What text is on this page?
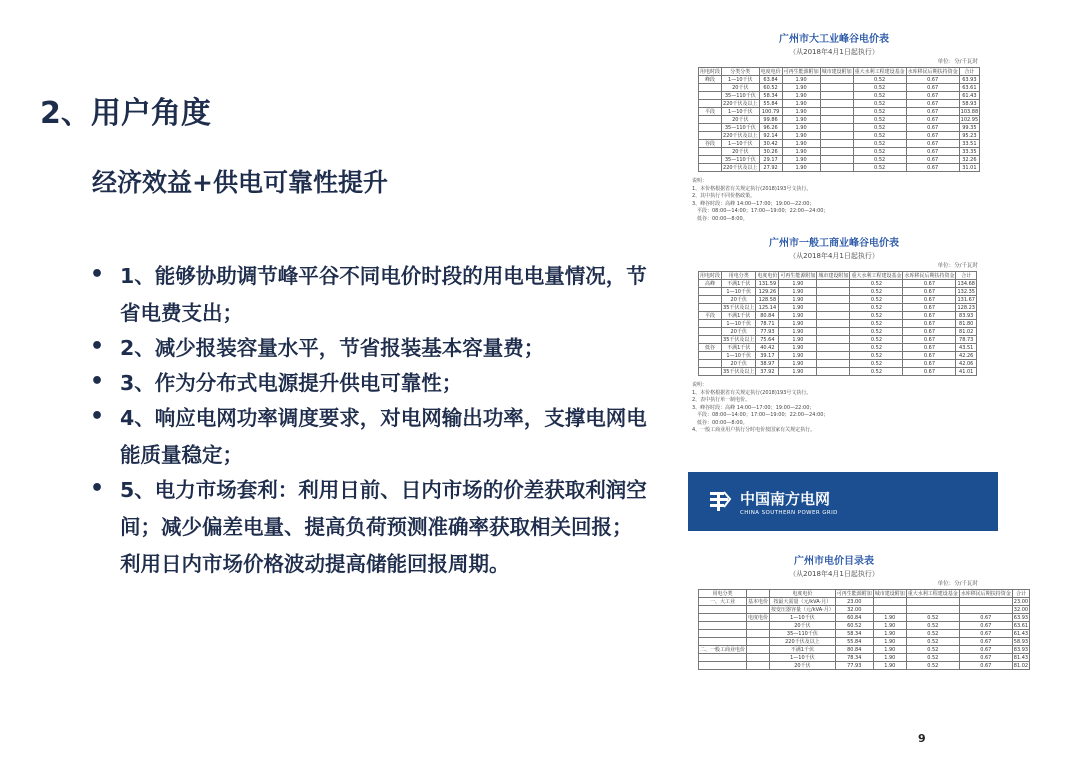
2、用户角度
经济效益+供电可靠性提升
• 1、能够协助调节峰平谷不同电价时段的用电电量情况，节省电费支出；
• 2、减少报装容量水平，节省报装基本容量费；
• 3、作为分布式电源提升供电可靠性；
• 4、响应电网功率调度要求，对电网输出功率，支撑电网电能质量稳定；
• 5、电力市场套利：利用日前、日内市场的价差获取利润空间；减少偏差电量、提高负荷预测准确率获取相关回报；利用日内市场价格波动提高储能回报周期。
广州市大工业峰谷电价表
（从2018年4月1日起执行）
单位：分/千瓦时
用电时段	分类分类	电度电价	可再生能源附加	城市建设附加	重大水利工程建设基金	水库移民后期扶持资金	合计
峰段	1—10千伏	63.84	1.90		0.52	0.67	63.93
	20千伏	60.52	1.90		0.52	0.67	63.61
	35—110千伏	58.34	1.90		0.52	0.67	61.43
	220千伏及以上	55.84	1.90		0.52	0.67	58.93
平段	1—10千伏	100.79	1.90		0.52	0.67	103.88
	20千伏	99.86	1.90		0.52	0.67	102.95
	35—110千伏	96.26	1.90		0.52	0.67	99.35
	220千伏及以上	92.14	1.90		0.52	0.67	95.23
谷段	1—10千伏	30.42	1.90		0.52	0.67	33.51
	20千伏	30.26	1.90		0.52	0.67	33.35
	35—110千伏	29.17	1.90		0.52	0.67	32.26
	220千伏及以上	27.92	1.90		0.52	0.67	31.01
说明：
1、本价格根据省有关规定执行(2018)193号文执行。
2、其中执行不同价格政策。
3、峰谷时段：高峰 14:00—17:00；19:00—22:00；
　平段：08:00—14:00；17:00—19:00；22:00—24:00；
　低谷：00:00—8:00。
广州市一般工商业峰谷电价表
（从2018年4月1日起执行）
单位：分/千瓦时
用电时段	用电分类	电度电价	可再生能源附加	城市建设附加	重大水利工程建设基金	水库移民后期扶持资金	合计
高峰	不满1千伏	131.59	1.90		0.52	0.67	134.68
	1—10千伏	129.26	1.90		0.52	0.67	132.35
	20千伏	128.58	1.90		0.52	0.67	131.67
	35千伏及以上	125.14	1.90		0.52	0.67	128.23
平段	不满1千伏	80.84	1.90		0.52	0.67	83.93
	1—10千伏	78.71	1.90		0.52	0.67	81.80
	20千伏	77.93	1.90		0.52	0.67	81.02
	35千伏及以上	75.64	1.90		0.52	0.67	78.73
低谷	不满1千伏	40.42	1.90		0.52	0.67	43.51
	1—10千伏	39.17	1.90		0.52	0.67	42.26
	20千伏	38.97	1.90		0.52	0.67	42.06
	35千伏及以上	37.92	1.90		0.52	0.67	41.01
说明：
1、本价格根据省有关规定执行(2018)193号文执行。
2、表中执行单一制电价。
3、峰谷时段：高峰 14:00—17:00；19:00—22:00；
　平段：08:00—14:00；17:00—19:00；22:00—24:00；
　低谷：00:00—8:00。
4、一般工商业用户执行分时电价按国家有关规定执行。
广州市电价目录表
（从2018年4月1日起执行）
单位：分/千瓦时
用电分类		电度电价	可再生能源附加	城市建设附加	重大水利工程建设基金	水库移民后期扶持资金	合计
一、大工业	基本电价	按最大需量（元/kVA·月）	23.00				23.00
		按变压器容量（元/kVA·月）	32.00				32.00
	电度电价	1—10千伏	60.84	1.90	0.52	0.67	63.93
		20千伏	60.52	1.90	0.52	0.67	63.61
		35—110千伏	58.34	1.90	0.52	0.67	61.43
		220千伏及以上	55.84	1.90	0.52	0.67	58.93
二、一般工商业电价		不满1千伏	80.84	1.90	0.52	0.67	83.93
		1—10千伏	78.34	1.90	0.52	0.67	81.43
		20千伏	77.93	1.90	0.52	0.67	81.02
中国南方电网
CHINA SOUTHERN POWER GRID
9
